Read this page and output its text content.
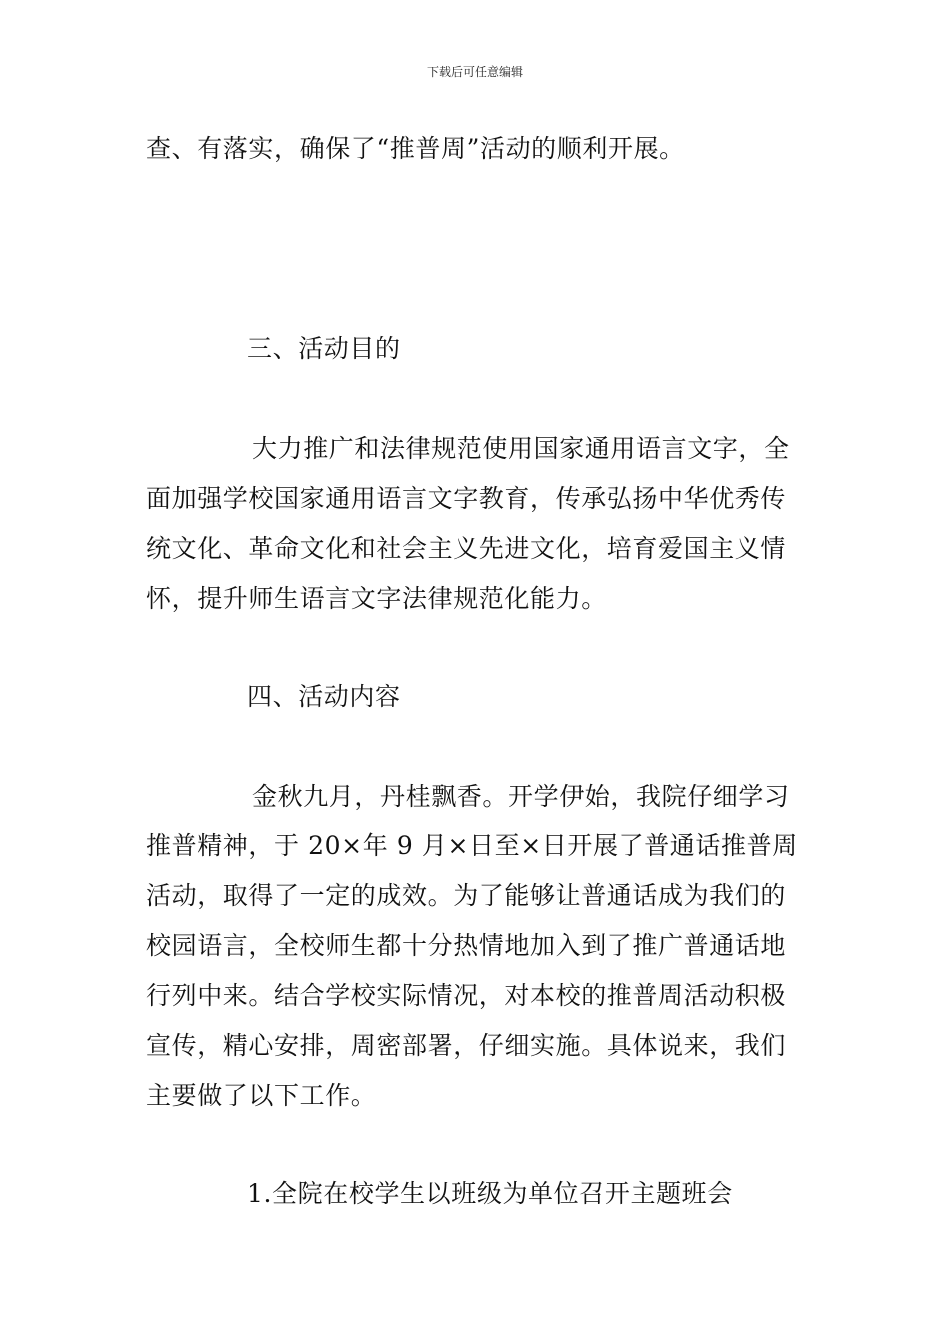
下载后可任意编辑
查、有落实，确保了“推普周”活动的顺利开展。
三、活动目的
大力推广和法律规范使用国家通用语言文字，全
面加强学校国家通用语言文字教育，传承弘扬中华优秀传
统文化、革命文化和社会主义先进文化，培育爱国主义情
怀，提升师生语言文字法律规范化能力。
四、活动内容
金秋九月，丹桂飘香。开学伊始，我院仔细学习
推普精神，于 20×年 9 月×日至×日开展了普通话推普周
活动，取得了一定的成效。为了能够让普通话成为我们的
校园语言，全校师生都十分热情地加入到了推广普通话地
行列中来。结合学校实际情况，对本校的推普周活动积极
宣传，精心安排，周密部署，仔细实施。具体说来，我们
主要做了以下工作。
1.全院在校学生以班级为单位召开主题班会
